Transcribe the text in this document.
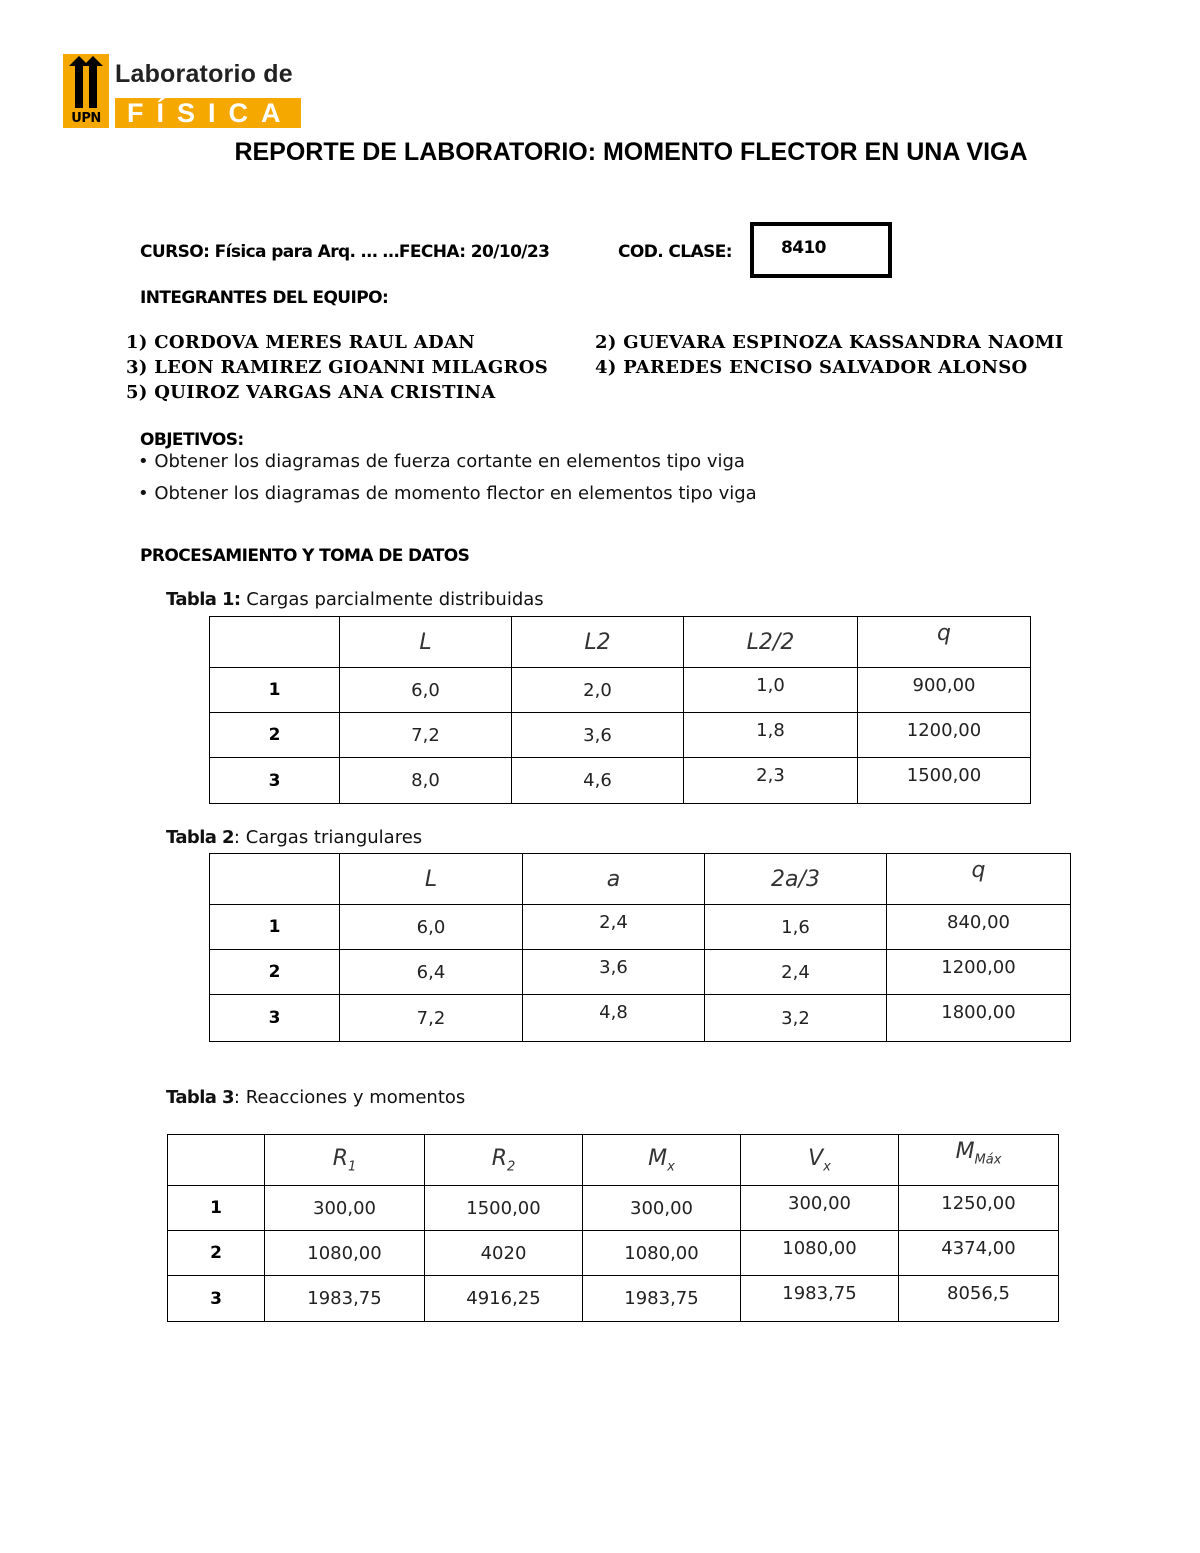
UPN
Laboratorio de
FÍSICA
REPORTE DE LABORATORIO: MOMENTO FLECTOR EN UNA VIGA
CURSO: Física para Arq. … …FECHA: 20/10/23	COD. CLASE:	8410
INTEGRANTES DEL EQUIPO:
1) CORDOVA MERES RAUL ADAN	2) GUEVARA ESPINOZA KASSANDRA NAOMI
3) LEON RAMIREZ GIOANNI MILAGROS	4) PAREDES ENCISO SALVADOR ALONSO
5) QUIROZ VARGAS ANA CRISTINA
OBJETIVOS:
• Obtener los diagramas de fuerza cortante en elementos tipo viga
• Obtener los diagramas de momento flector en elementos tipo viga
PROCESAMIENTO Y TOMA DE DATOS
Tabla 1: Cargas parcialmente distribuidas
	L	L2	L2/2	q
1	6,0	2,0	1,0	900,00
2	7,2	3,6	1,8	1200,00
3	8,0	4,6	2,3	1500,00
Tabla 2: Cargas triangulares
	L	a	2a/3	q
1	6,0	2,4	1,6	840,00
2	6,4	3,6	2,4	1200,00
3	7,2	4,8	3,2	1800,00
Tabla 3: Reacciones y momentos
	$R_1$	$R_2$	$M_x$	$V_x$	$M_{Máx}$
1	300,00	1500,00	300,00	300,00	1250,00
2	1080,00	4020	1080,00	1080,00	4374,00
3	1983,75	4916,25	1983,75	1983,75	8056,5
